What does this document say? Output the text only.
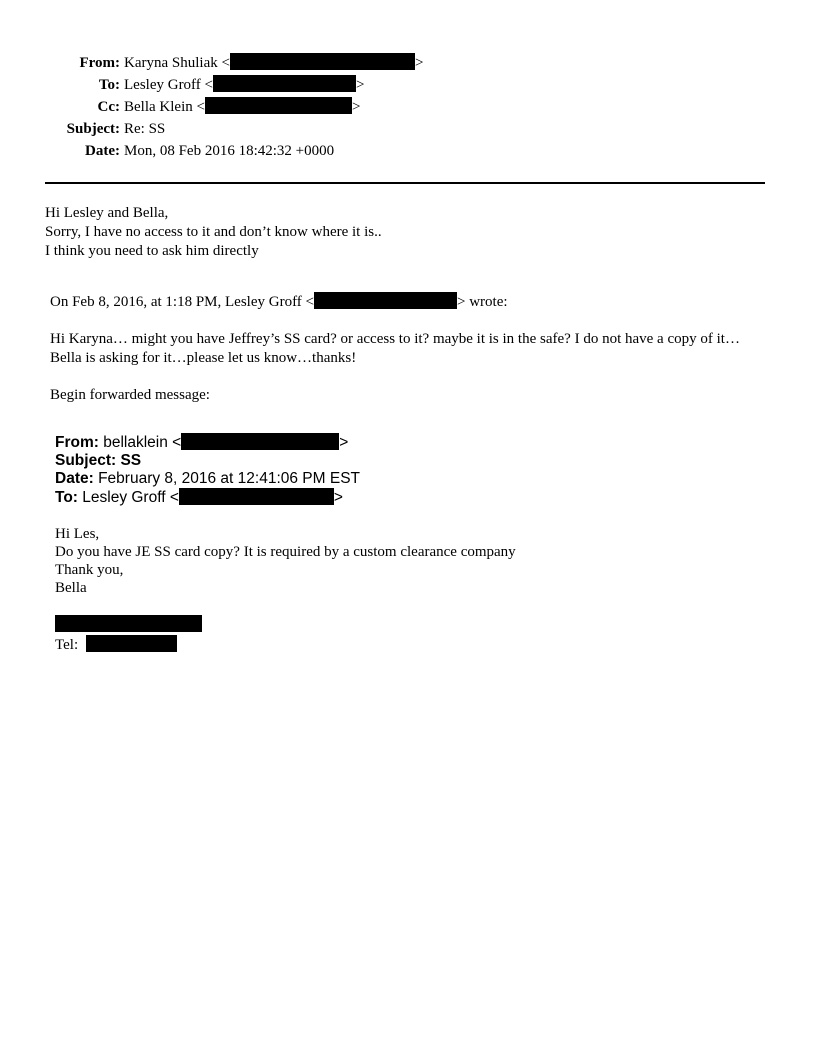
From: Karyna Shuliak <	>
To: Lesley Groff <	>
Cc: Bella Klein <	>
Subject: Re: SS
Date: Mon, 08 Feb 2016 18:42:32 +0000
Hi Lesley and Bella,
Sorry, I have no access to it and don’t know where it is..
I think you need to ask him directly
On Feb 8, 2016, at 1:18 PM, Lesley Groff <	> wrote:
Hi Karyna… might you have Jeffrey’s SS card? or access to it? maybe it is in the safe? I do not have a copy of it…Bella is asking for it…please let us know…thanks!
Begin forwarded message:
From: bellaklein <	>
Subject: SS
Date: February 8, 2016 at 12:41:06 PM EST
To: Lesley Groff <	>
Hi Les,
Do you have JE SS card copy? It is required by a custom clearance company
Thank you,
Bella
Tel:
